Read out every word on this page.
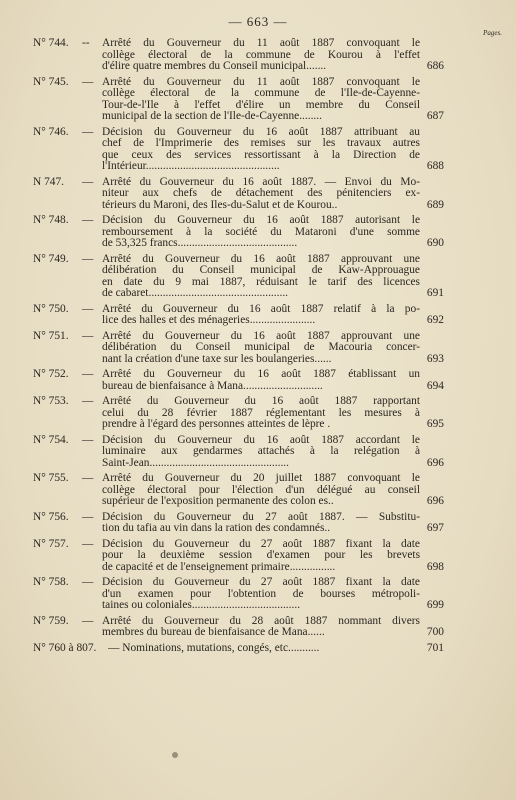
— 663 —
Pages.
N° 744. -- Arrêté du Gouverneur du 11 août 1887 convoquant le
collège électoral de la commune de Kourou à l'effet
d'élire quatre membres du Conseil municipal.......	686
N° 745. — Arrêté du Gouverneur du 11 août 1887 convoquant le
collège électoral de la commune de l'Ile-de-Cayenne-
Tour-de-l'Ile à l'effet d'élire un membre du Conseil
municipal de la section de l'Ile-de-Cayenne........	687
N° 746. — Décision du Gouverneur du 16 août 1887 attribuant au
chef de l'Imprimerie des remises sur les travaux autres
que ceux des services ressortissant à la Direction de
l'Intérieur...............................................	688
N 747. — Arrêté du Gouverneur du 16 août 1887. — Envoi du Mo-
niteur aux chefs de détachement des pénitenciers ex-
térieurs du Maroni, des Iles-du-Salut et de Kourou..	689
N° 748. — Décision du Gouverneur du 16 août 1887 autorisant le
remboursement à la société du Mataroni d'une somme
de 53,325 francs..........................................	690
N° 749. — Arrêté du Gouverneur du 16 août 1887 approuvant une
délibération du Conseil municipal de Kaw-Approuague
en date du 9 mai 1887, réduisant le tarif des licences
de cabaret.................................................	691
N° 750. — Arrêté du Gouverneur du 16 août 1887 relatif à la po-
lice des halles et des ménageries.......................	692
N° 751. — Arrêté du Gouverneur du 16 août 1887 approuvant une
délibération du Conseil municipal de Macouria concer-
nant la création d'une taxe sur les boulangeries......	693
N° 752. — Arrêté du Gouverneur du 16 août 1887 établissant un
bureau de bienfaisance à Mana............................	694
N° 753. — Arrêté du Gouverneur du 16 août 1887 rapportant
celui du 28 février 1887 réglementant les mesures à
prendre à l'égard des personnes atteintes de lèpre .	695
N° 754. — Décision du Gouverneur du 16 août 1887 accordant le
luminaire aux gendarmes attachés à la relégation à
Saint-Jean.................................................	696
N° 755. — Arrêté du Gouverneur du 20 juillet 1887 convoquant le
collège électoral pour l'élection d'un délégué au conseil
supérieur de l'exposition permanente des colon es..	696
N° 756. — Décision du Gouverneur du 27 août 1887. — Substitu-
tion du tafia au vin dans la ration des condamnés..	697
N° 757. — Décision du Gouverneur du 27 août 1887 fixant la date
pour la deuxième session d'examen pour les brevets
de capacité et de l'enseignement primaire................	698
N° 758. — Décision du Gouverneur du 27 août 1887 fixant la date
d'un examen pour l'obtention de bourses métropoli-
taines ou coloniales......................................	699
N° 759. — Arrêté du Gouverneur du 28 août 1887 nommant divers
membres du bureau de bienfaisance de Mana......	700
N° 760 à 807. — Nominations, mutations, congés, etc...........	701
